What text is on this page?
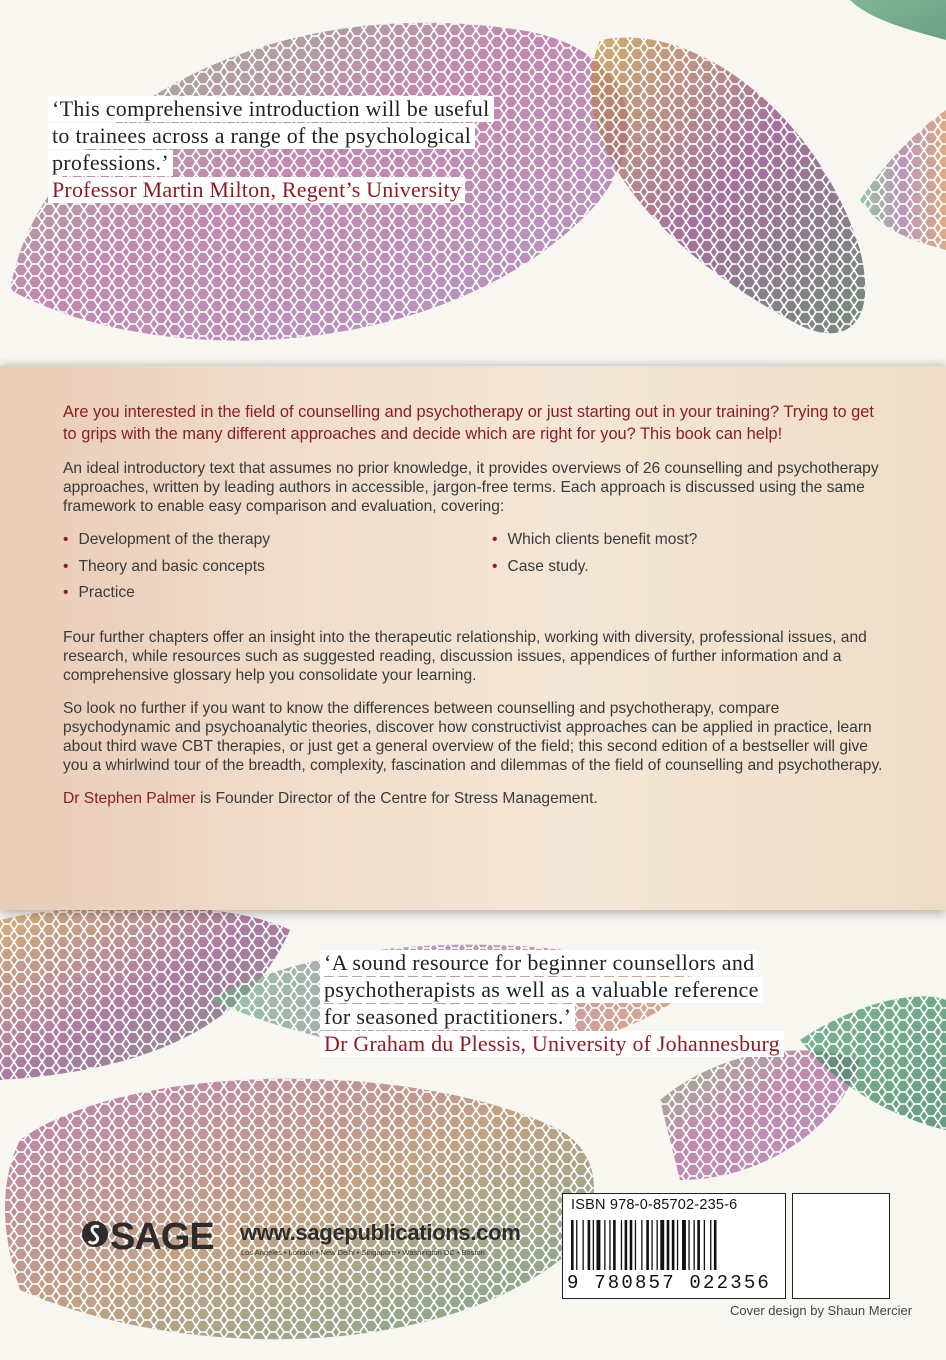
‘This comprehensive introduction will be useful
to trainees across a range of the psychological
professions.’
Professor Martin Milton, Regent’s University

Are you interested in the field of counselling and psychotherapy or just starting out in your training? Trying to get to grips with the many different approaches and decide which are right for you? This book can help!

An ideal introductory text that assumes no prior knowledge, it provides overviews of 26 counselling and psychotherapy approaches, written by leading authors in accessible, jargon-free terms. Each approach is discussed using the same framework to enable easy comparison and evaluation, covering:

• Development of the therapy
• Theory and basic concepts
• Practice
• Which clients benefit most?
• Case study.

Four further chapters offer an insight into the therapeutic relationship, working with diversity, professional issues, and research, while resources such as suggested reading, discussion issues, appendices of further information and a comprehensive glossary help you consolidate your learning.

So look no further if you want to know the differences between counselling and psychotherapy, compare psychodynamic and psychoanalytic theories, discover how constructivist approaches can be applied in practice, learn about third wave CBT therapies, or just get a general overview of the field; this second edition of a bestseller will give you a whirlwind tour of the breadth, complexity, fascination and dilemmas of the field of counselling and psychotherapy.

Dr Stephen Palmer is Founder Director of the Centre for Stress Management.

‘A sound resource for beginner counsellors and
psychotherapists as well as a valuable reference
for seasoned practitioners.’
Dr Graham du Plessis, University of Johannesburg
SAGE www.sagepublications.com
Los Angeles • London • New Delhi • Singapore • Washington DC • Boston
ISBN 978-0-85702-235-6
9 780857 022356
Cover design by Shaun Mercier
